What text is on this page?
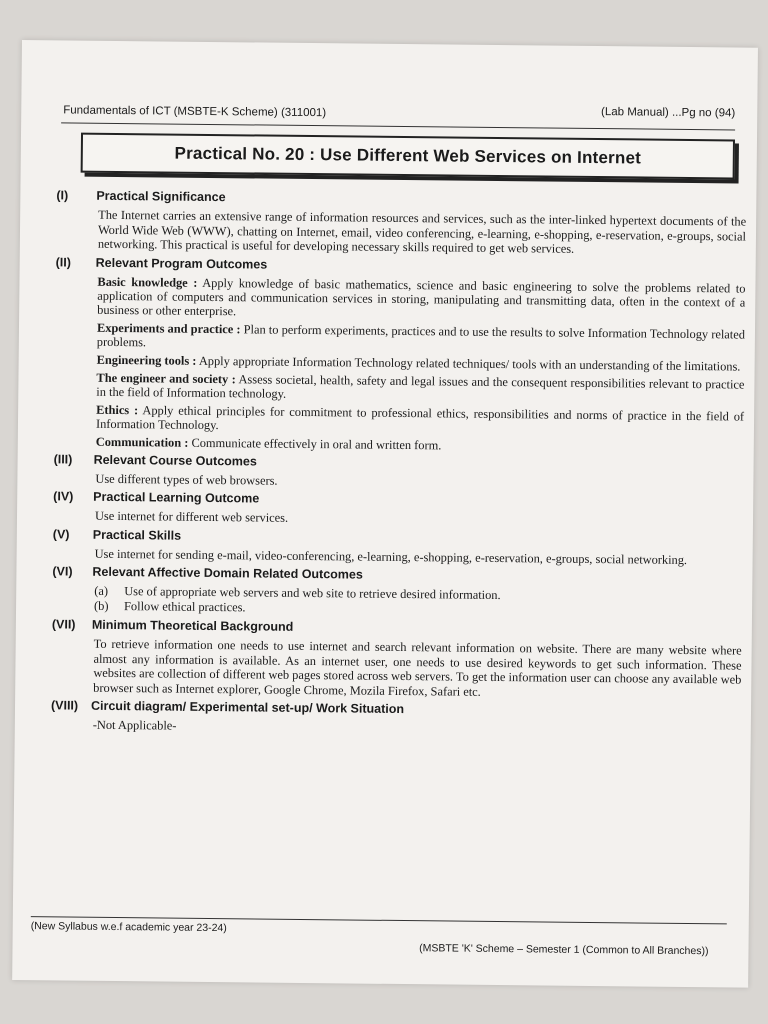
Fundamentals of ICT (MSBTE-K Scheme) (311001)	(Lab Manual) ...Pg no (94)
Practical No. 20 : Use Different Web Services on Internet
(I)	Practical Significance
The Internet carries an extensive range of information resources and services, such as the inter-linked hypertext documents of the World Wide Web (WWW), chatting on Internet, email, video conferencing, e-learning, e-shopping, e-reservation, e-groups, social networking. This practical is useful for developing necessary skills required to get web services.
(II)	Relevant Program Outcomes
Basic knowledge : Apply knowledge of basic mathematics, science and basic engineering to solve the problems related to application of computers and communication services in storing, manipulating and transmitting data, often in the context of a business or other enterprise.
Experiments and practice : Plan to perform experiments, practices and to use the results to solve Information Technology related problems.
Engineering tools : Apply appropriate Information Technology related techniques/ tools with an understanding of the limitations.
The engineer and society : Assess societal, health, safety and legal issues and the consequent responsibilities relevant to practice in the field of Information technology.
Ethics : Apply ethical principles for commitment to professional ethics, responsibilities and norms of practice in the field of Information Technology.
Communication : Communicate effectively in oral and written form.
(III)	Relevant Course Outcomes
Use different types of web browsers.
(IV)	Practical Learning Outcome
Use internet for different web services.
(V)	Practical Skills
Use internet for sending e-mail, video-conferencing, e-learning, e-shopping, e-reservation, e-groups, social networking.
(VI)	Relevant Affective Domain Related Outcomes
(a)	Use of appropriate web servers and web site to retrieve desired information.
(b)	Follow ethical practices.
(VII)	Minimum Theoretical Background
To retrieve information one needs to use internet and search relevant information on website. There are many website where almost any information is available. As an internet user, one needs to use desired keywords to get such information. These websites are collection of different web pages stored across web servers. To get the information user can choose any available web browser such as Internet explorer, Google Chrome, Mozila Firefox, Safari etc.
(VIII)	Circuit diagram/ Experimental set-up/ Work Situation
-Not Applicable-
(New Syllabus w.e.f academic year 23-24)
(MSBTE 'K' Scheme – Semester 1 (Common to All Branches))
